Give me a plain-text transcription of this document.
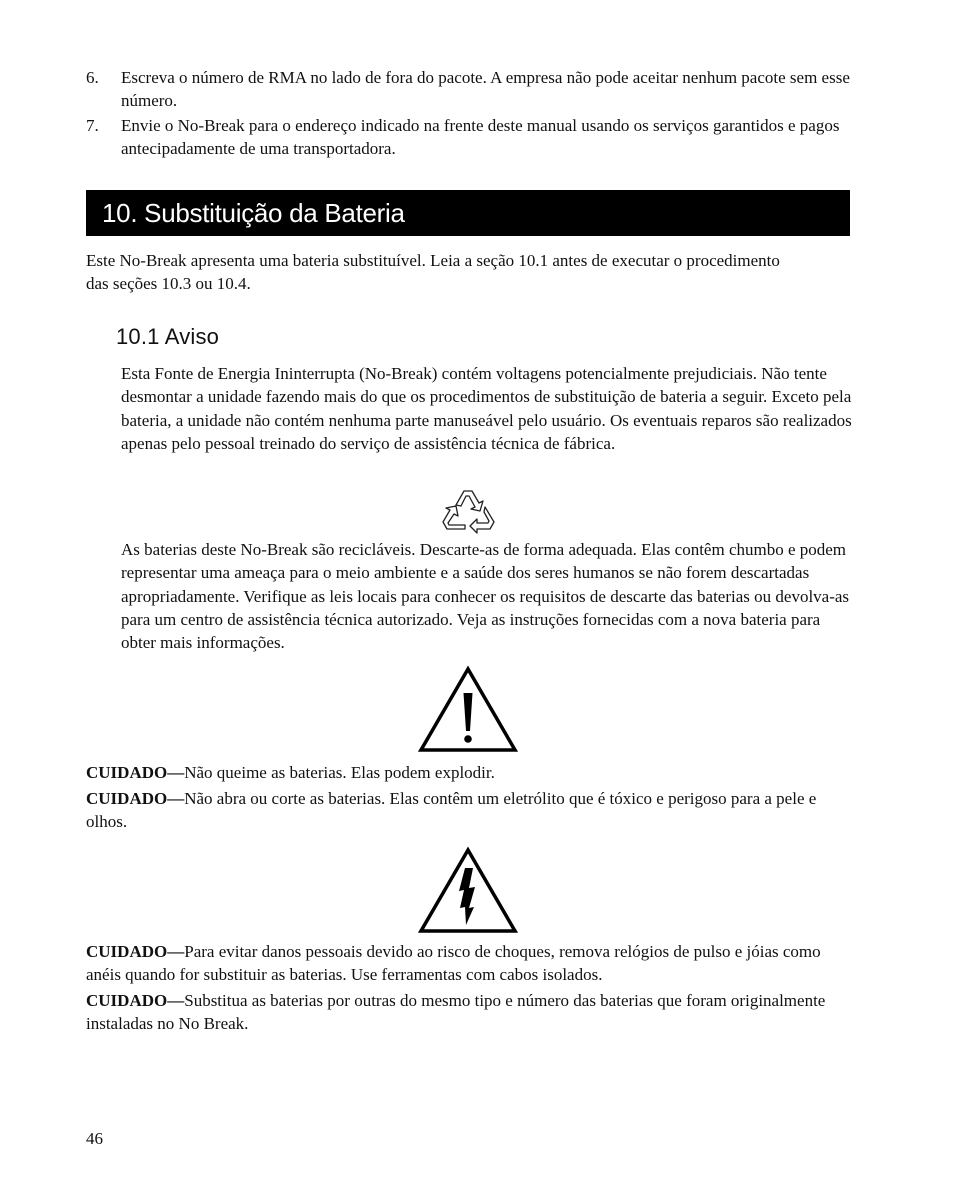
6.	Escreva o número de RMA no lado de fora do pacote. A empresa não pode aceitar nenhum pacote sem esse número.
7.	Envie o No-Break para o endereço indicado na frente deste manual usando os serviços garantidos e pagos antecipadamente de uma transportadora.
10. Substituição da Bateria

Este No-Break apresenta uma bateria substituível. Leia a seção 10.1 antes de executar o procedimento das seções 10.3 ou 10.4.

10.1 Aviso

Esta Fonte de Energia Ininterrupta (No-Break) contém voltagens potencialmente prejudiciais. Não tente desmontar a unidade fazendo mais do que os procedimentos de substituição de bateria a seguir. Exceto pela bateria, a unidade não contém nenhuma parte manuseável pelo usuário. Os eventuais reparos são realizados apenas pelo pessoal treinado do serviço de assistência técnica de fábrica.

As baterias deste No-Break são recicláveis. Descarte-as de forma adequada. Elas contêm chumbo e podem representar uma ameaça para o meio ambiente e a saúde dos seres humanos se não forem descartadas apropriadamente. Verifique as leis locais para conhecer os requisitos de descarte das baterias ou devolva-as para um centro de assistência técnica autorizado. Veja as instruções fornecidas com a nova bateria para obter mais informações.

CUIDADO—Não queime as baterias. Elas podem explodir.

CUIDADO—Não abra ou corte as baterias. Elas contêm um eletrólito que é tóxico e perigoso para a pele e olhos.

CUIDADO—Para evitar danos pessoais devido ao risco de choques, remova relógios de pulso e jóias como anéis quando for substituir as baterias. Use ferramentas com cabos isolados.

CUIDADO—Substitua as baterias por outras do mesmo tipo e número das baterias que foram originalmente instaladas no No Break.

46
